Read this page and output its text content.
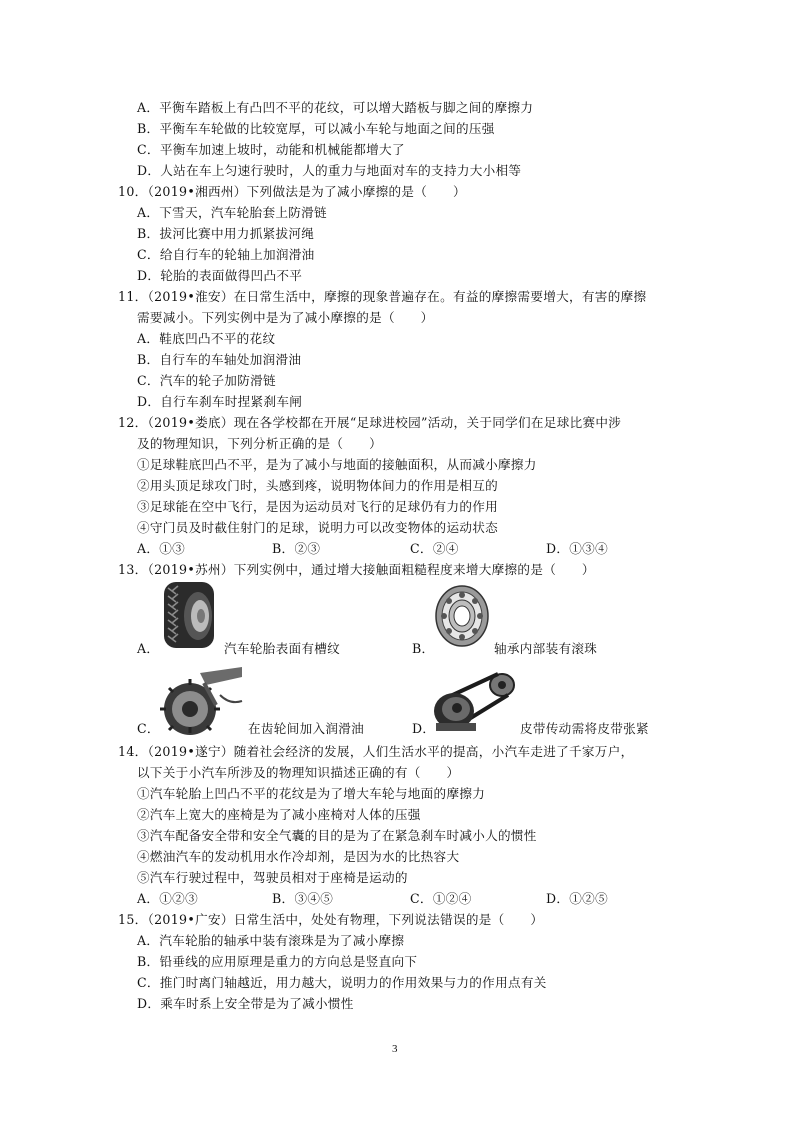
A．平衡车踏板上有凸凹不平的花纹，可以增大踏板与脚之间的摩擦力
B．平衡车车轮做的比较宽厚，可以减小车轮与地面之间的压强
C．平衡车加速上坡时，动能和机械能都增大了
D．人站在车上匀速行驶时，人的重力与地面对车的支持力大小相等
10．（2019•湘西州）下列做法是为了减小摩擦的是（　　）
A．下雪天，汽车轮胎套上防滑链
B．拔河比赛中用力抓紧拔河绳
C．给自行车的轮轴上加润滑油
D．轮胎的表面做得凹凸不平
11．（2019•淮安）在日常生活中，摩擦的现象普遍存在。有益的摩擦需要增大，有害的摩擦
需要减小。下列实例中是为了减小摩擦的是（　　）
A．鞋底凹凸不平的花纹
B．自行车的车轴处加润滑油
C．汽车的轮子加防滑链
D．自行车刹车时捏紧刹车闸
12．（2019•娄底）现在各学校都在开展“足球进校园”活动，关于同学们在足球比赛中涉
及的物理知识，下列分析正确的是（　　）
①足球鞋底凹凸不平，是为了减小与地面的接触面积，从而减小摩擦力
②用头顶足球攻门时，头感到疼，说明物体间力的作用是相互的
③足球能在空中飞行，是因为运动员对飞行的足球仍有力的作用
④守门员及时截住射门的足球，说明力可以改变物体的运动状态
A．①③	B．②③	C．②④	D．①③④
13．（2019•苏州）下列实例中，通过增大接触面粗糙程度来增大摩擦的是（　　）
A．	汽车轮胎表面有槽纹	B．	轴承内部装有滚珠
C．	在齿轮间加入润滑油	D．	皮带传动需将皮带张紧
14．（2019•遂宁）随着社会经济的发展，人们生活水平的提高，小汽车走进了千家万户，
以下关于小汽车所涉及的物理知识描述正确的有（　　）
①汽车轮胎上凹凸不平的花纹是为了增大车轮与地面的摩擦力
②汽车上宽大的座椅是为了减小座椅对人体的压强
③汽车配备安全带和安全气囊的目的是为了在紧急刹车时减小人的惯性
④燃油汽车的发动机用水作冷却剂，是因为水的比热容大
⑤汽车行驶过程中，驾驶员相对于座椅是运动的
A．①②③	B．③④⑤	C．①②④	D．①②⑤
15．（2019•广安）日常生活中，处处有物理，下列说法错误的是（　　）
A．汽车轮胎的轴承中装有滚珠是为了减小摩擦
B．铅垂线的应用原理是重力的方向总是竖直向下
C．推门时离门轴越近，用力越大，说明力的作用效果与力的作用点有关
D．乘车时系上安全带是为了减小惯性
3
